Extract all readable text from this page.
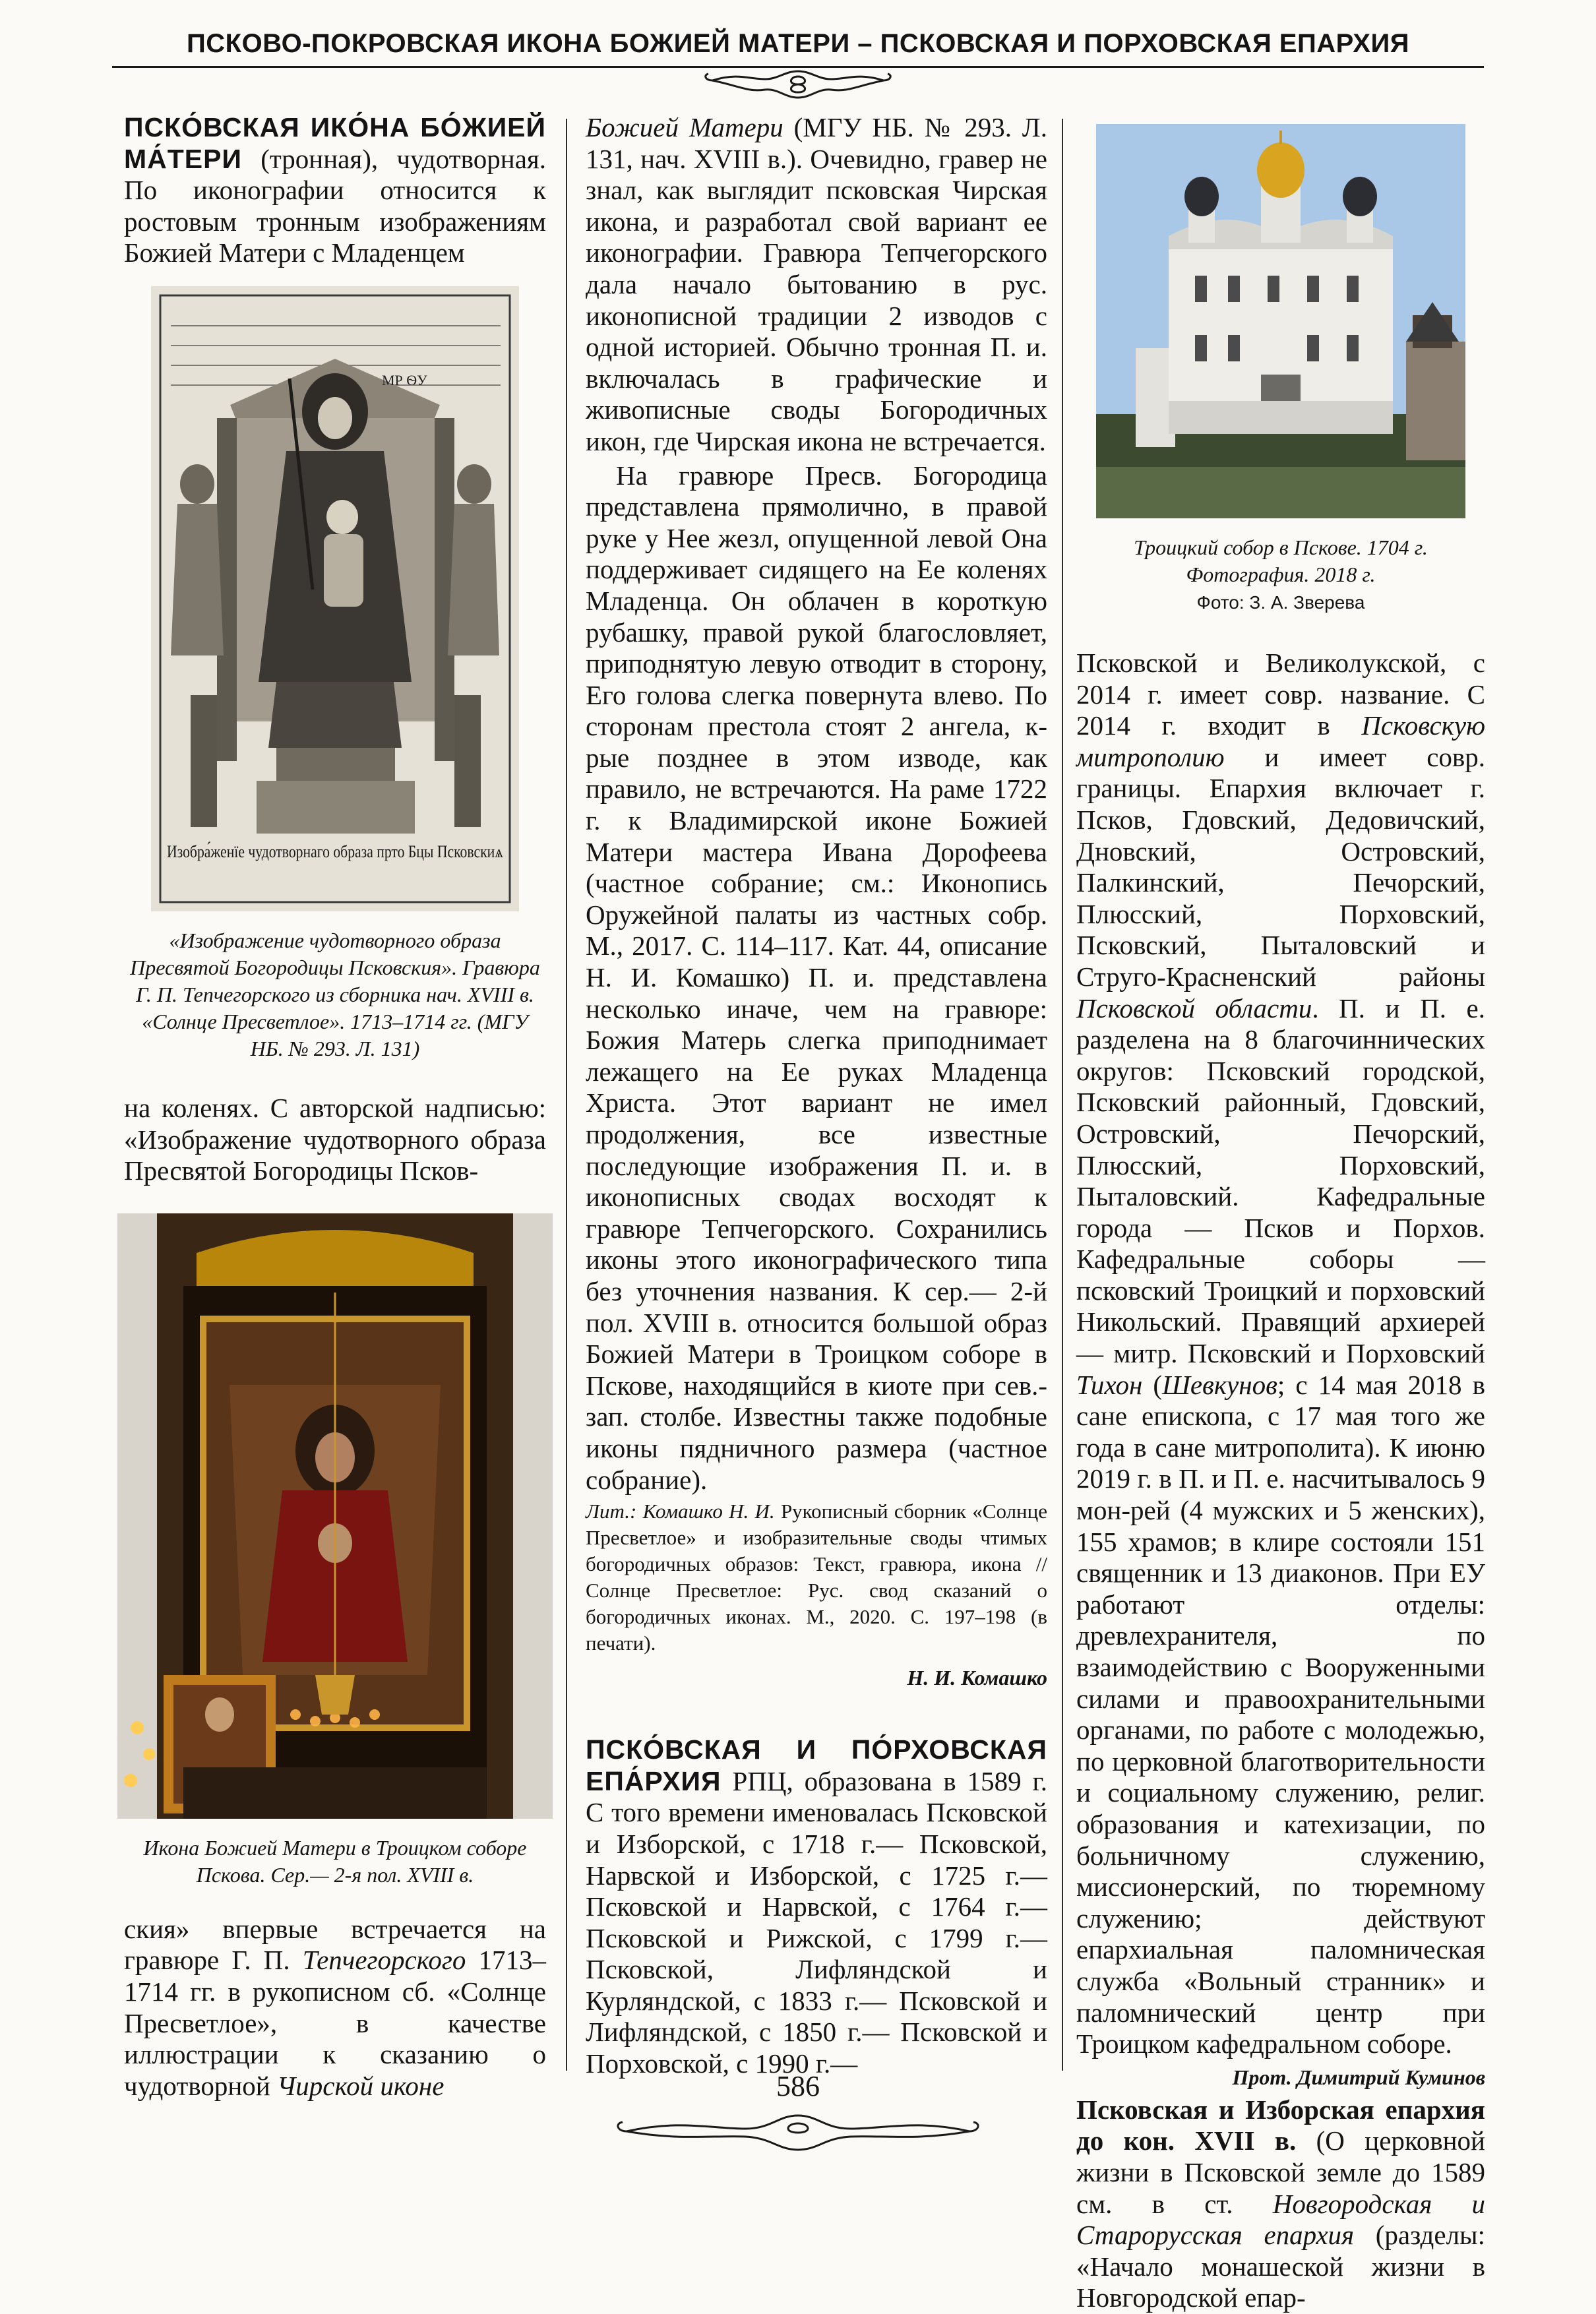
ПСКОВО-ПОКРОВСКАЯ ИКОНА БОЖИЕЙ МАТЕРИ – ПСКОВСКАЯ И ПОРХОВСКАЯ ЕПАРХИЯ

ПСКО́ВСКАЯ ИКО́НА БО́ЖИЕЙ МА́ТЕРИ (тронная), чудотворная. По иконографии относится к ростовым тронным изображениям Божией Матери с Младенцем

МР ѲУ
Изобра́женїе чудотворнаго образа прто Бцы Псковскиѧ
«Изображение чудотворного образа Пресвятой Богородицы Псковския». Гравюра Г. П. Тепчегорского из сборника нач. XVIII в. «Солнце Пресветлое». 1713–1714 гг. (МГУ НБ. № 293. Л. 131)

на коленях. С авторской надписью: «Изображение чудотворного образа Пресвятой Богородицы Псков-

Икона Божией Матери в Троицком соборе Пскова. Сер.— 2-я пол. XVIII в.

ския» впервые встречается на гравюре Г. П. Тепчегорского 1713–1714 гг. в рукописном сб. «Солнце Пресветлое», в качестве иллюстрации к сказанию о чудотворной Чирской иконе

Божией Матери (МГУ НБ. № 293. Л. 131, нач. XVIII в.). Очевидно, гравер не знал, как выглядит псковская Чирская икона, и разработал свой вариант ее иконографии. Гравюра Тепчегорского дала начало бытованию в рус. иконописной традиции 2 изводов с одной историей. Обычно тронная П. и. включалась в графические и живописные своды Богородичных икон, где Чирская икона не встречается.

На гравюре Пресв. Богородица представлена прямолично, в правой руке у Нее жезл, опущенной левой Она поддерживает сидящего на Ее коленях Младенца. Он облачен в короткую рубашку, правой рукой благословляет, приподнятую левую отводит в сторону, Его голова слегка повернута влево. По сторонам престола стоят 2 ангела, к-рые позднее в этом изводе, как правило, не встречаются. На раме 1722 г. к Владимирской иконе Божией Матери мастера Ивана Дорофеева (частное собрание; см.: Иконопись Оружейной палаты из частных собр. М., 2017. С. 114–117. Кат. 44, описание Н. И. Комашко) П. и. представлена несколько иначе, чем на гравюре: Божия Матерь слегка приподнимает лежащего на Ее руках Младенца Христа. Этот вариант не имел продолжения, все известные последующие изображения П. и. в иконописных сводах восходят к гравюре Тепчегорского. Сохранились иконы этого иконографического типа без уточнения названия. К сер.— 2-й пол. XVIII в. относится большой образ Божией Матери в Троицком соборе в Пскове, находящийся в киоте при сев.-зап. столбе. Известны также подобные иконы пядничного размера (частное собрание).

Лит.: Комашко Н. И. Рукописный сборник «Солнце Пресветлое» и изобразительные своды чтимых богородичных образов: Текст, гравюра, икона // Солнце Пресветлое: Рус. свод сказаний о богородичных иконах. М., 2020. С. 197–198 (в печати).

Н. И. Комашко

ПСКО́ВСКАЯ И ПО́РХОВСКАЯ ЕПА́РХИЯ РПЦ, образована в 1589 г. С того времени именовалась Псковской и Изборской, с 1718 г.— Псковской, Нарвской и Изборской, с 1725 г.— Псковской и Нарвской, с 1764 г.— Псковской и Рижской, с 1799 г.— Псковской, Лифляндской и Курляндской, с 1833 г.— Псковской и Лифляндской, с 1850 г.— Псковской и Порховской, с 1990 г.—

Троицкий собор в Пскове. 1704 г. Фотография. 2018 г.
Фото: З. А. Зверева

Псковской и Великолукской, с 2014 г. имеет совр. название. С 2014 г. входит в Псковскую митрополию и имеет совр. границы. Епархия включает г. Псков, Гдовский, Дедовичский, Дновский, Островский, Палкинский, Печорский, Плюсский, Порховский, Псковский, Пыталовский и Струго-Красненский районы Псковской области. П. и П. е. разделена на 8 благочиннических округов: Псковский городской, Псковский районный, Гдовский, Островский, Печорский, Плюсский, Порховский, Пыталовский. Кафедральные города — Псков и Порхов. Кафедральные соборы — псковский Троицкий и порховский Никольский. Правящий архиерей — митр. Псковский и Порховский Тихон (Шевкунов; с 14 мая 2018 в сане епископа, с 17 мая того же года в сане митрополита). К июню 2019 г. в П. и П. е. насчитывалось 9 мон-рей (4 мужских и 5 женских), 155 храмов; в клире состояли 151 священник и 13 диаконов. При ЕУ работают отделы: древлехранителя, по взаимодействию с Вооруженными силами и правоохранительными органами, по работе с молодежью, по церковной благотворительности и социальному служению, религ. образования и катехизации, по больничному служению, миссионерский, по тюремному служению; действуют епархиальная паломническая служба «Вольный странник» и паломнический центр при Троицком кафедральном соборе.

Прот. Димитрий Куминов

Псковская и Изборская епархия до кон. XVII в. (О церковной жизни в Псковской земле до 1589 см. в ст. Новгородская и Старорусская епархия (разделы: «Начало монашеской жизни в Новгородской епар-

586
